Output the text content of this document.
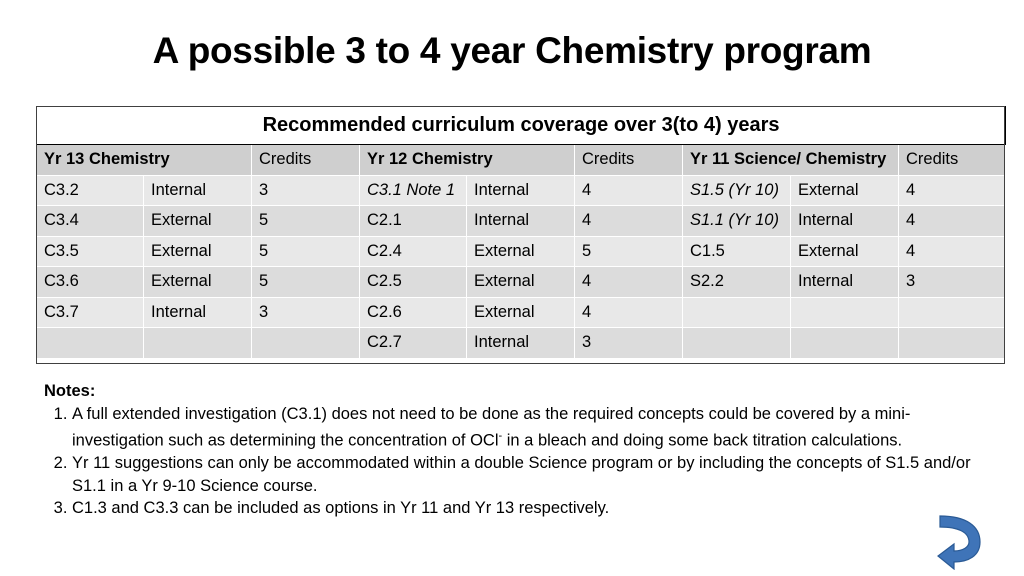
A possible 3 to 4 year Chemistry program
Recommended curriculum coverage over 3(to 4) years								
Yr 13 Chemistry		Credits	Yr 12 Chemistry		Credits	Yr 11 Science/ Chemistry		Credits
C3.2	Internal	3	C3.1 Note 1	Internal	4	S1.5 (Yr 10)	External	4
C3.4	External	5	C2.1	Internal	4	S1.1 (Yr 10)	Internal	4
C3.5	External	5	C2.4	External	5	C1.5	External	4
C3.6	External	5	C2.5	External	4	S2.2	Internal	3
C3.7	Internal	3	C2.6	External	4			
			C2.7	Internal	3			
Notes:
1. A full extended investigation (C3.1) does not need to be done as the required concepts could be covered by a mini-investigation such as determining the concentration of OCl- in a bleach and doing some back titration calculations.
2. Yr 11 suggestions can only be accommodated within a double Science program or by including the concepts of S1.5 and/or S1.1 in a Yr 9-10 Science course.
3. C1.3 and C3.3 can be included as options in Yr 11 and Yr 13 respectively.
